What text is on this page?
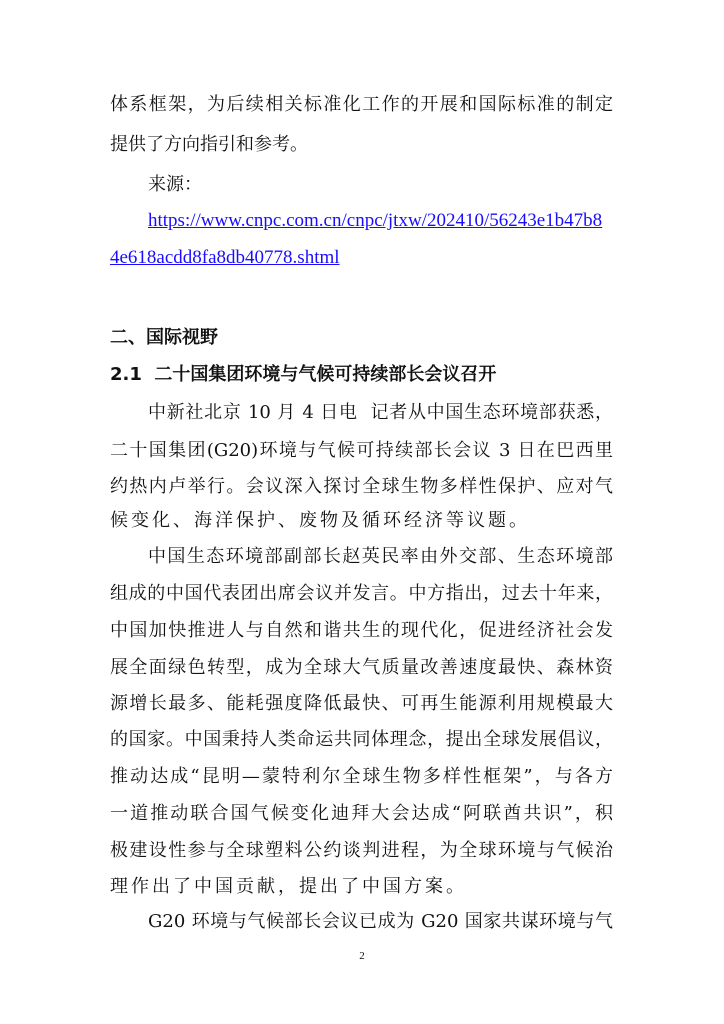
体系框架，为后续相关标准化工作的开展和国际标准的制定
提供了方向指引和参考。
来源：
https://www.cnpc.com.cn/cnpc/jtxw/202410/56243e1b47b8
4e618acdd8fa8db40778.shtml
二、国际视野
2.1  二十国集团环境与气候可持续部长会议召开
中新社北京 10 月 4 日电  记者从中国生态环境部获悉，
二十国集团(G20)环境与气候可持续部长会议 3 日在巴西里
约热内卢举行。会议深入探讨全球生物多样性保护、应对气
候变化、海洋保护、废物及循环经济等议题。
中国生态环境部副部长赵英民率由外交部、生态环境部
组成的中国代表团出席会议并发言。中方指出，过去十年来，
中国加快推进人与自然和谐共生的现代化，促进经济社会发
展全面绿色转型，成为全球大气质量改善速度最快、森林资
源增长最多、能耗强度降低最快、可再生能源利用规模最大
的国家。中国秉持人类命运共同体理念，提出全球发展倡议，
推动达成“昆明—蒙特利尔全球生物多样性框架”，与各方
一道推动联合国气候变化迪拜大会达成“阿联酋共识”，积
极建设性参与全球塑料公约谈判进程，为全球环境与气候治
理作出了中国贡献，提出了中国方案。
G20 环境与气候部长会议已成为 G20 国家共谋环境与气
2
